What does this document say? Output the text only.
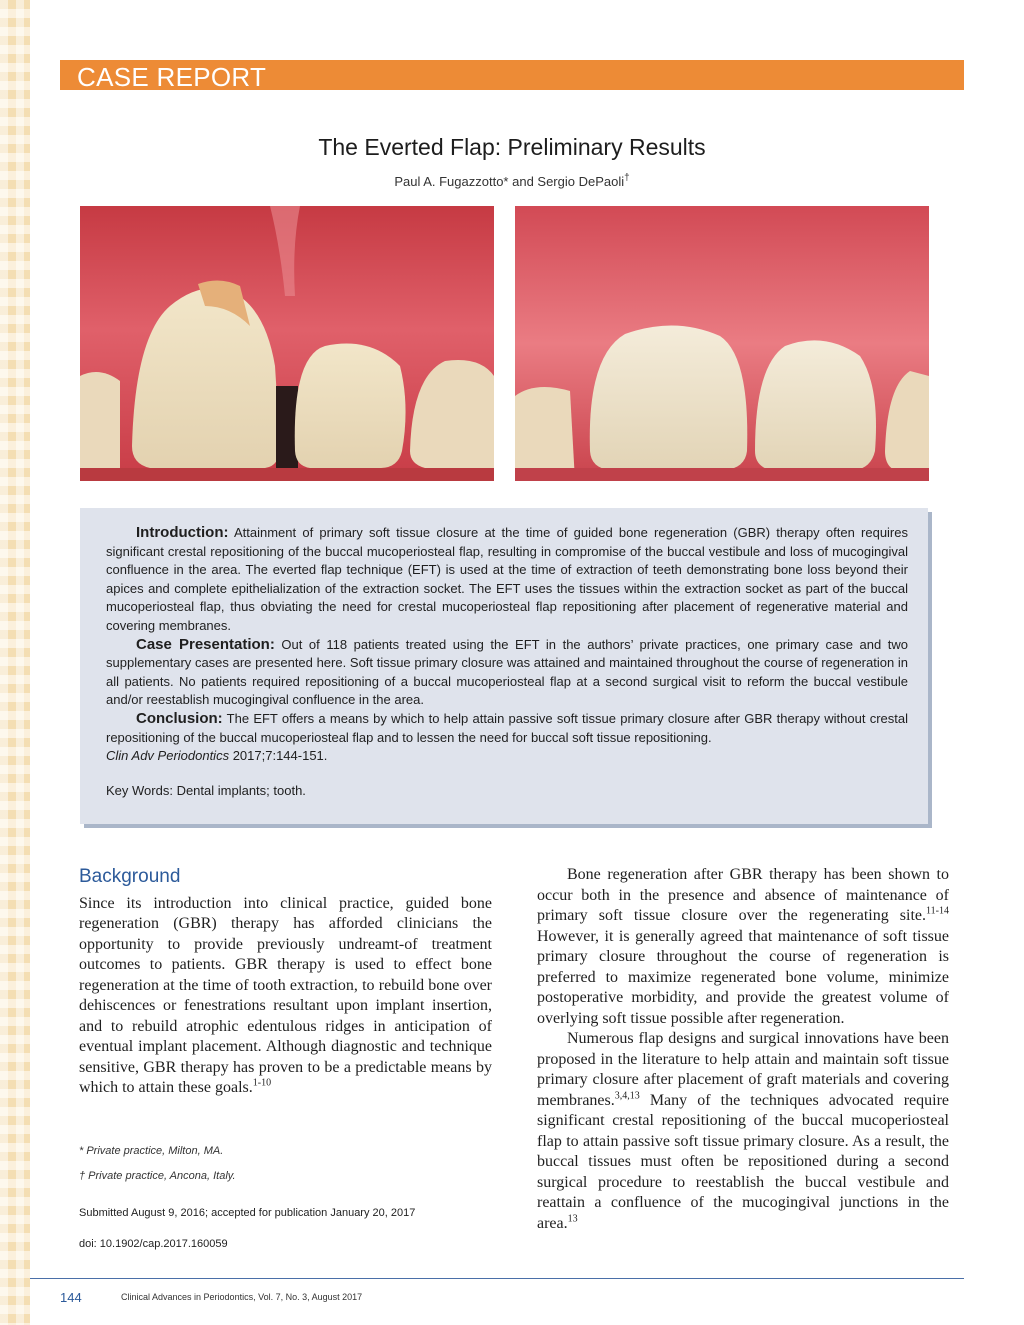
CASE REPORT
The Everted Flap: Preliminary Results
Paul A. Fugazzotto* and Sergio DePaoli†

Introduction: Attainment of primary soft tissue closure at the time of guided bone regeneration (GBR) therapy often requires significant crestal repositioning of the buccal mucoperiosteal flap, resulting in compromise of the buccal vestibule and loss of mucogingival confluence in the area. The everted flap technique (EFT) is used at the time of extraction of teeth demonstrating bone loss beyond their apices and complete epithelialization of the extraction socket. The EFT uses the tissues within the extraction socket as part of the buccal mucoperiosteal flap, thus obviating the need for crestal mucoperiosteal flap repositioning after placement of regenerative material and covering membranes.

Case Presentation: Out of 118 patients treated using the EFT in the authors’ private practices, one primary case and two supplementary cases are presented here. Soft tissue primary closure was attained and maintained throughout the course of regeneration in all patients. No patients required repositioning of a buccal mucoperiosteal flap at a second surgical visit to reform the buccal vestibule and/or reestablish mucogingival confluence in the area.

Conclusion: The EFT offers a means by which to help attain passive soft tissue primary closure after GBR therapy without crestal repositioning of the buccal mucoperiosteal flap and to lessen the need for buccal soft tissue repositioning.

Clin Adv Periodontics 2017;7:144-151.

Key Words: Dental implants; tooth.

Background

Since its introduction into clinical practice, guided bone regeneration (GBR) therapy has afforded clinicians the opportunity to provide previously undreamt-of treatment outcomes to patients. GBR therapy is used to effect bone regeneration at the time of tooth extraction, to rebuild bone over dehiscences or fenestrations resultant upon implant insertion, and to rebuild atrophic edentulous ridges in anticipation of eventual implant placement. Although diagnostic and technique sensitive, GBR therapy has proven to be a predictable means by which to attain these goals.$^{1-10}$

* Private practice, Milton, MA.
† Private practice, Ancona, Italy.
Submitted August 9, 2016; accepted for publication January 20, 2017
doi: 10.1902/cap.2017.160059

Bone regeneration after GBR therapy has been shown to occur both in the presence and absence of maintenance of primary soft tissue closure over the regenerating site.$^{11-14}$ However, it is generally agreed that maintenance of soft tissue primary closure throughout the course of regeneration is preferred to maximize regenerated bone volume, minimize postoperative morbidity, and provide the greatest volume of overlying soft tissue possible after regeneration.

Numerous flap designs and surgical innovations have been proposed in the literature to help attain and maintain soft tissue primary closure after placement of graft materials and covering membranes.$^{3,4,13}$ Many of the techniques advocated require significant crestal repositioning of the buccal mucoperiosteal flap to attain passive soft tissue primary closure. As a result, the buccal tissues must often be repositioned during a second surgical procedure to reestablish the buccal vestibule and reattain a confluence of the mucogingival junctions in the area.$^{13}$

144	Clinical Advances in Periodontics, Vol. 7, No. 3, August 2017
